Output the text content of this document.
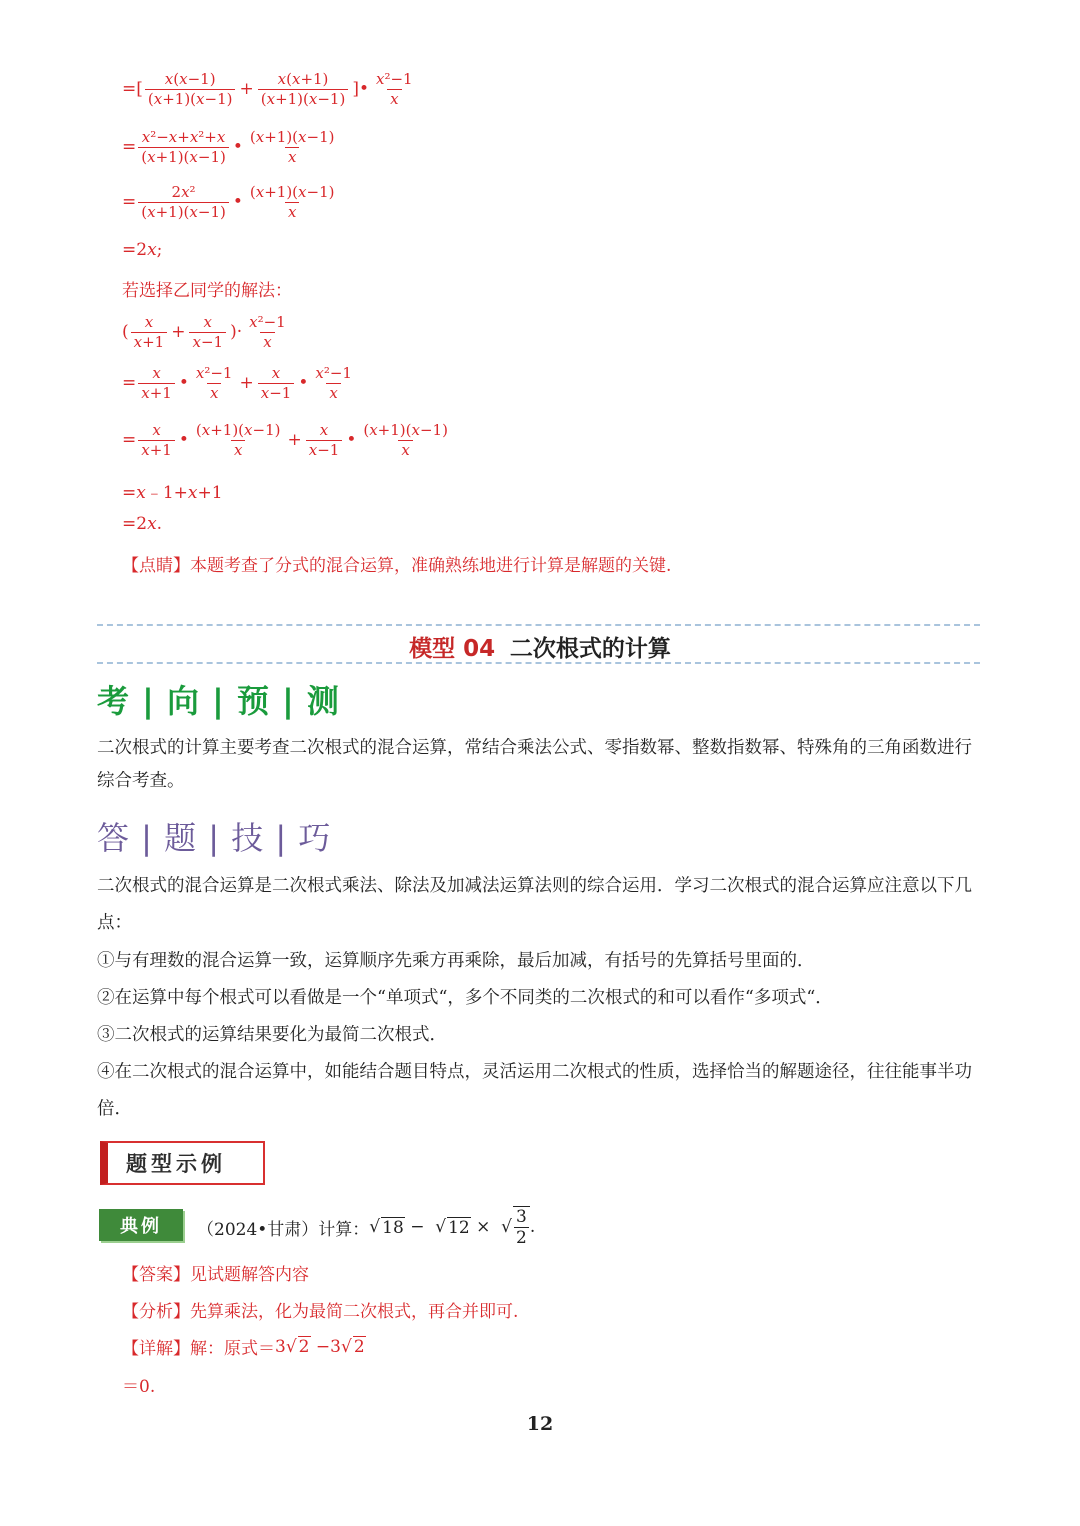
=[ x(x−1)
$(x+1)(x-1) + \frac{x(x+1)}{(x+1)(x-1)}$ ]• x²−1
x
= $\frac{\text{x²−x+x²+x}}{(x+1)(x-1)}$ • (x+1)(x−1)
x
= $\frac{\text{2x²}}{(x+1)(x-1)}$ • (x+1)(x−1)
x
=2x;
若选择乙同学的解法：
( x
$x+1 + \frac{x}{x-1}$ )· x²−1
x
= $\frac{x}{x+1}$ • x²−1
$x + \frac{x}{x-1}$ • x²−1
x
= $\frac{x}{x+1}$ • (x+1)(x−1)
x	+ $\frac{x}{x-1}$ • (x+1)(x−1)
x
=x﹣1+x+1
=2x.
【点睛】本题考查了分式的混合运算，准确熟练地进行计算是解题的关键.
模型 04 二次根式的计算
考 | 向 | 预 | 测
二次根式的计算主要考查二次根式的混合运算，常结合乘法公式、零指数幂、整数指数幂、特殊角的三角函数进行综合考查。
答 | 题 | 技 | 巧
二次根式的混合运算是二次根式乘法、除法及加减法运算法则的综合运用．学习二次根式的混合运算应注意以下几点：
①与有理数的混合运算一致，运算顺序先乘方再乘除，最后加减，有括号的先算括号里面的．
②在运算中每个根式可以看做是一个“单项式“，多个不同类的二次根式的和可以看作“多项式“．
③二次根式的运算结果要化为最简二次根式．
④在二次根式的混合运算中，如能结合题目特点，灵活运用二次根式的性质，选择恰当的解题途径，往往能事半功倍．
题型示例
典例	（2024•甘肃）计算： √ 18
− √ 12
× √ $\frac{3}{2}$ .
【答案】见试题解答内容
【分析】先算乘法，化为最简二次根式，再合并即可.
【详解】解：原式＝ 3 √ 2
− 3 √ 2
＝0.
12
